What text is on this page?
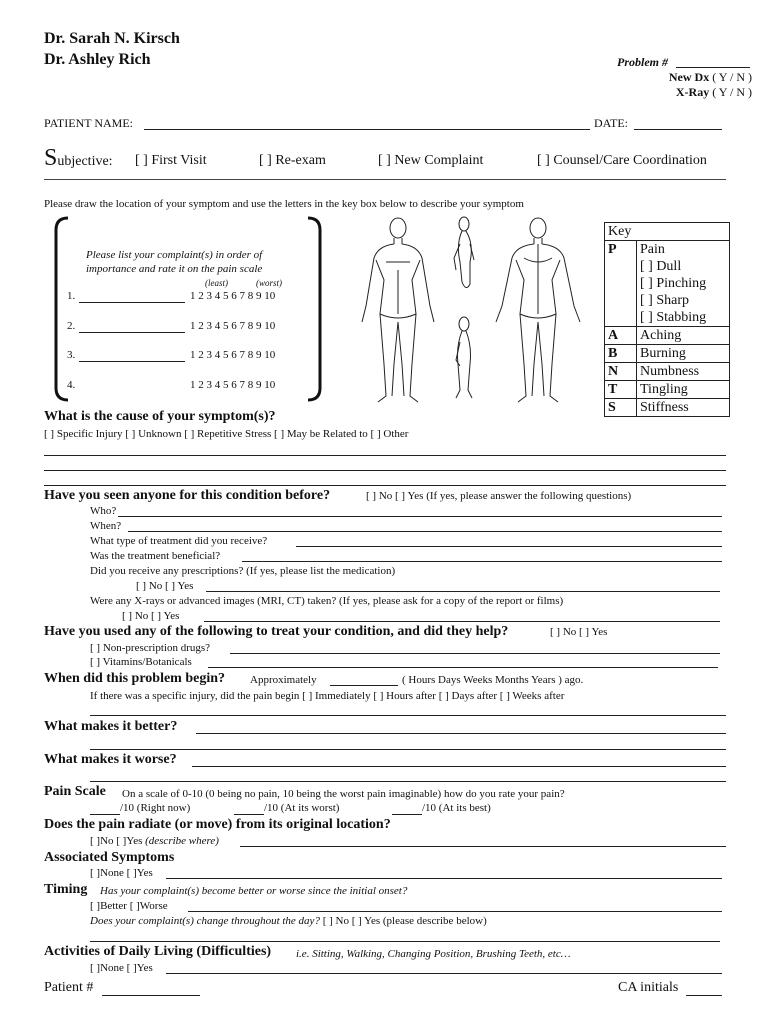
Dr. Sarah N. Kirsch
Dr. Ashley Rich	Problem #
New Dx ( Y / N )
X-Ray ( Y / N )
PATIENT NAME:	DATE:
Subjective: [ ] First Visit	[ ] Re-exam	[ ] New Complaint	[ ] Counsel/Care Coordination
Please draw the location of your symptom and use the letters in the key box below to describe your symptom
Please list your complaint(s) in order of
importance and rate it on the pain scale
(least)	(worst)
1.	1 2 3 4 5 6 7 8 9 10
2.	1 2 3 4 5 6 7 8 9 10
3.	1 2 3 4 5 6 7 8 9 10
4.	1 2 3 4 5 6 7 8 9 10
Key	
P	Pain
[ ] Dull
[ ] Pinching
[ ] Sharp
[ ] Stabbing

A	Aching
B	Burning
N	Numbness
T	Tingling
S	Stiffness
What is the cause of your symptom(s)?
[ ] Specific Injury [ ] Unknown [ ] Repetitive Stress [ ] May be Related to [ ] Other
Have you seen anyone for this condition before?	[ ] No [ ] Yes (If yes, please answer the following questions)
Who?
When?
What type of treatment did you receive?
Was the treatment beneficial?
Did you receive any prescriptions? (If yes, please list the medication)
[ ] No [ ] Yes
Were any X-rays or advanced images (MRI, CT) taken? (If yes, please ask for a copy of the report or films)
[ ] No [ ] Yes
Have you used any of the following to treat your condition, and did they help?	[ ] No [ ] Yes
[ ] Non-prescription drugs?
[ ] Vitamins/Botanicals
When did this problem begin? Approximately	( Hours Days Weeks Months Years ) ago.
If there was a specific injury, did the pain begin [ ] Immediately [ ] Hours after [ ] Days after [ ] Weeks after
What makes it better?
What makes it worse?
Pain Scale On a scale of 0-10 (0 being no pain, 10 being the worst pain imaginable) how do you rate your pain?
/10 (Right now)	/10 (At its worst)	/10 (At its best)
Does the pain radiate (or move) from its original location?
[ ]No [ ]Yes (describe where)
Associated Symptoms
[ ]None [ ]Yes
Timing Has your complaint(s) become better or worse since the initial onset?
[ ]Better [ ]Worse
Does your complaint(s) change throughout the day? [ ] No [ ] Yes (please describe below)
Activities of Daily Living (Difficulties) i.e. Sitting, Walking, Changing Position, Brushing Teeth, etc…
[ ]None [ ]Yes
Patient #	CA initials
